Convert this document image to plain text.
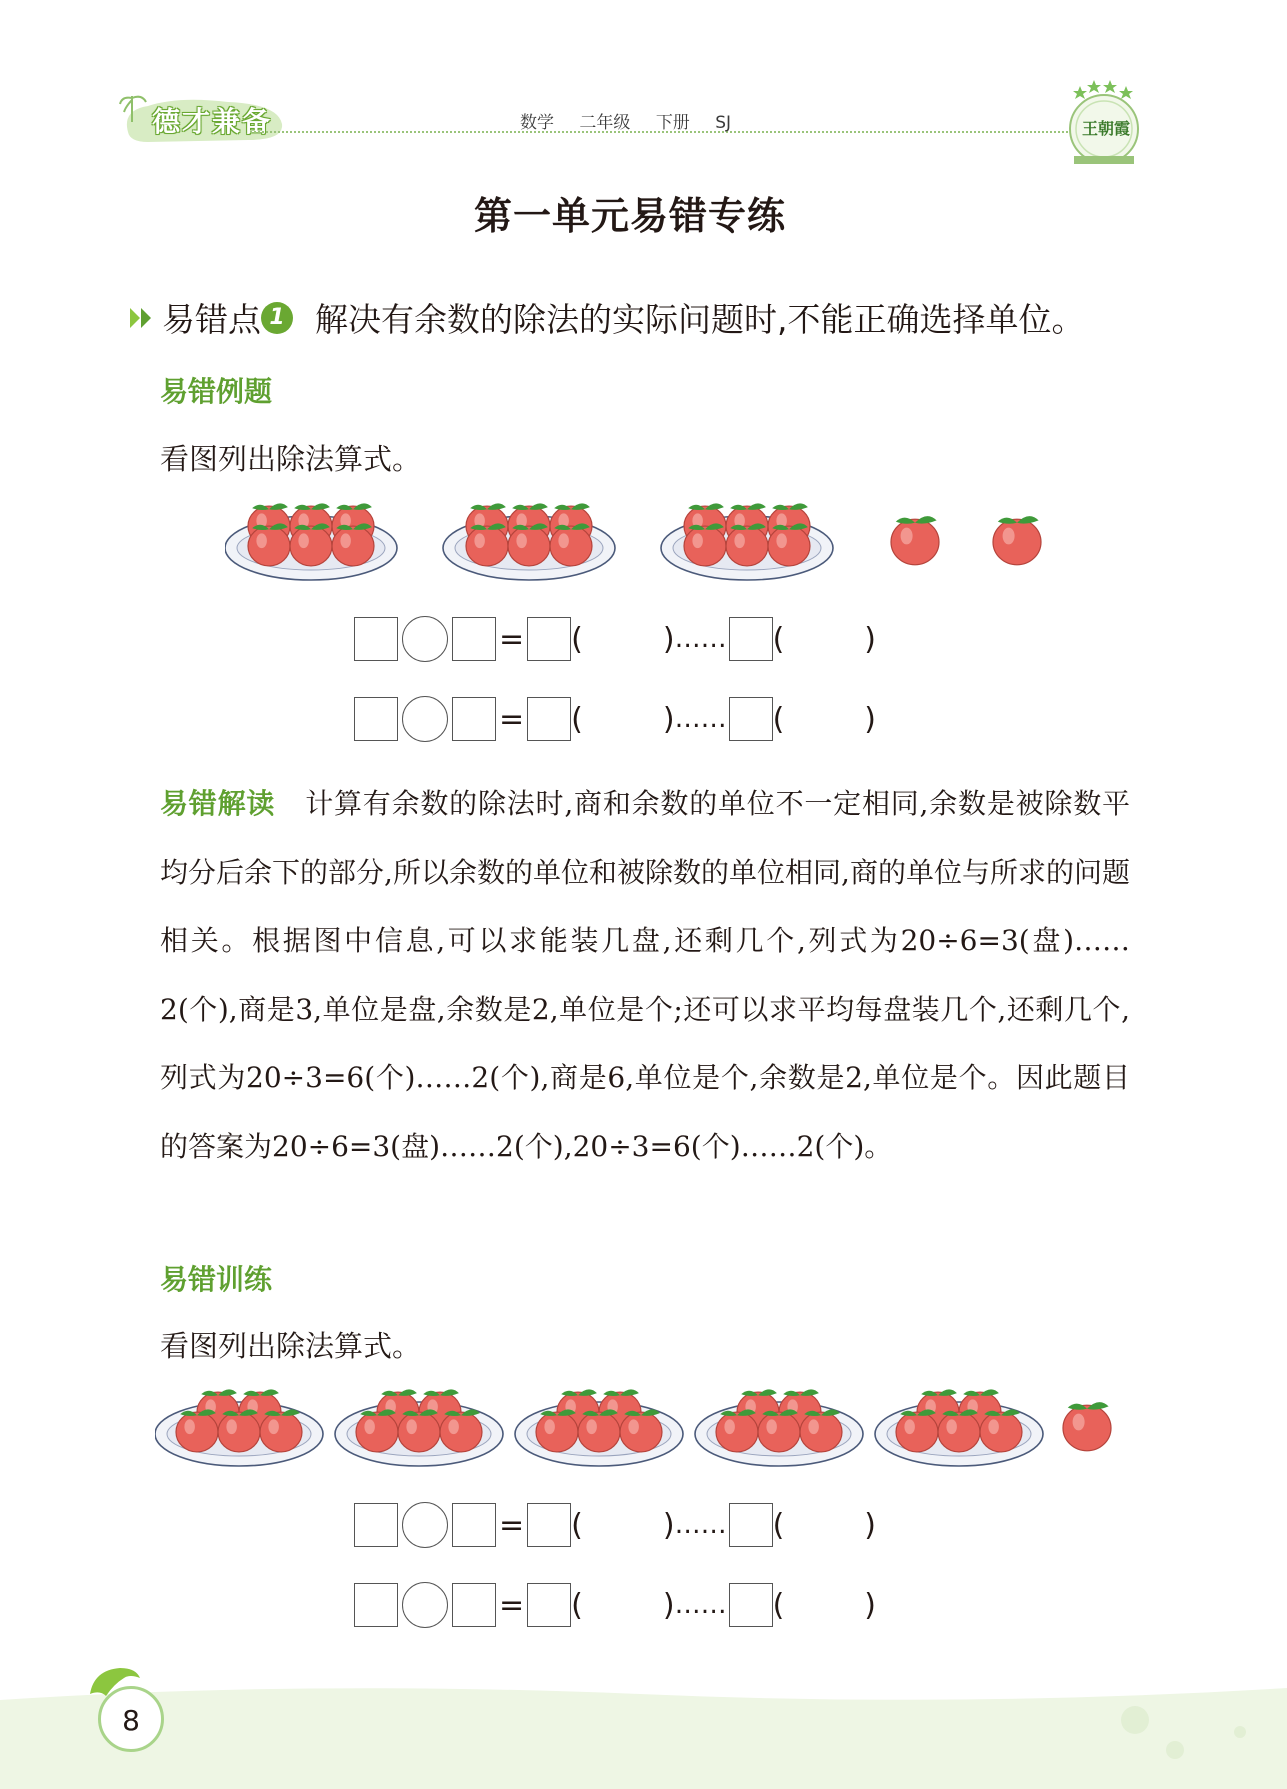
德才兼备	数学 二年级 下册 SJ	王朝霞
第一单元易错专练
易错点 1 解决有余数的除法的实际问题时,不能正确选择单位。
易错例题
看图列出除法算式。
= (	) …… (	)
= (	) …… (	)
易错解读 计算有余数的除法时,商和余数的单位不一定相同,余数是被除数平均分后余下的部分,所以余数的单位和被除数的单位相同,商的单位与所求的问题相关。根据图中信息,可以求能装几盘,还剩几个,列式为20÷6=3(盘)……2(个),商是3,单位是盘,余数是2,单位是个;还可以求平均每盘装几个,还剩几个,列式为20÷3=6(个)……2(个),商是6,单位是个,余数是2,单位是个。因此题目的答案为20÷6=3(盘)……2(个),20÷3=6(个)……2(个)。
易错训练
看图列出除法算式。
= (	) …… (	)
= (	) …… (	)
8
